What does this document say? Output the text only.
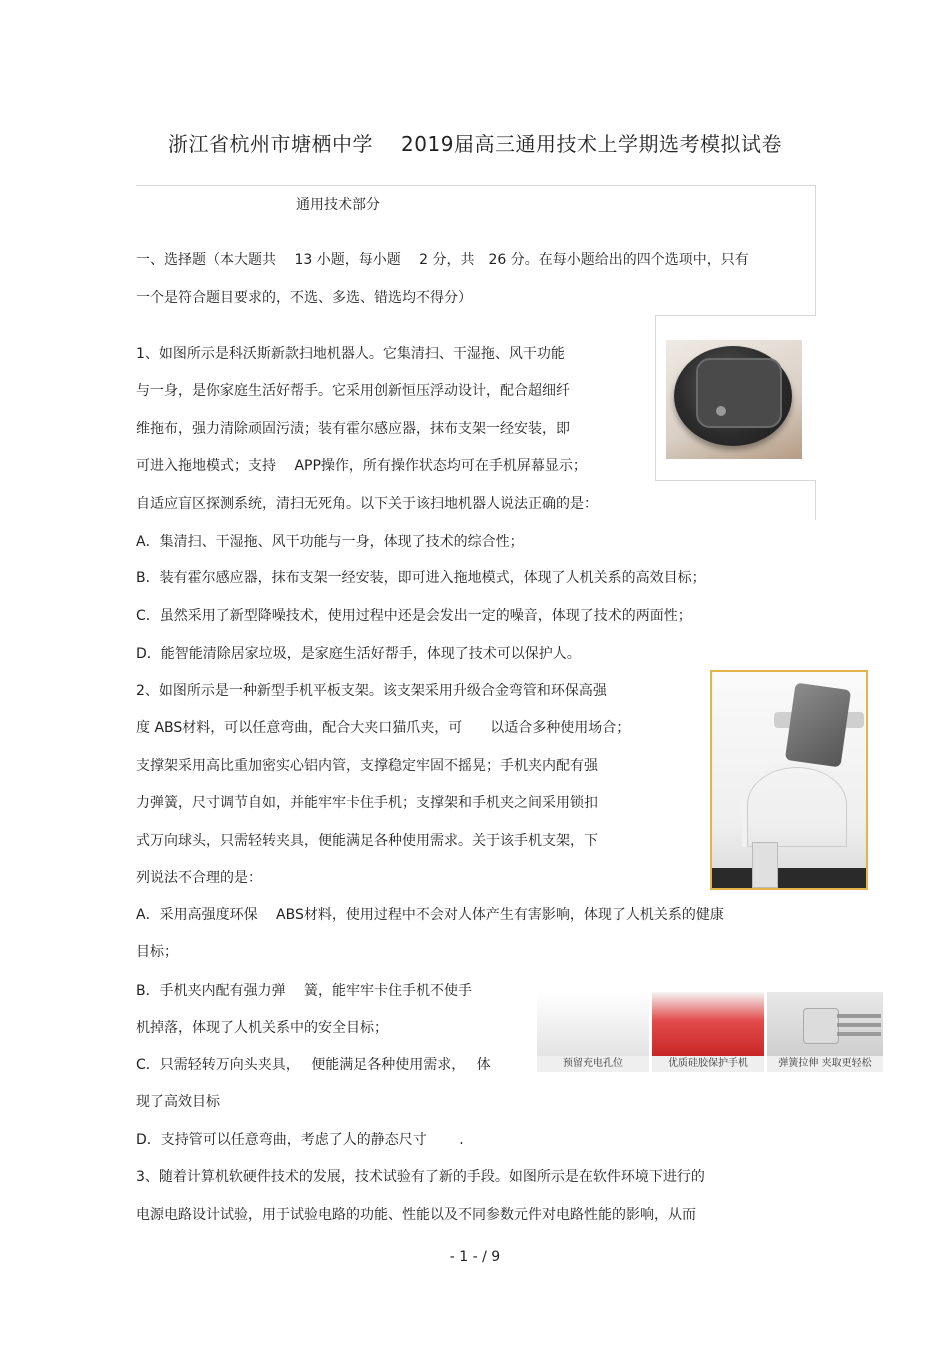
浙江省杭州市塘栖中学 2019届高三通用技术上学期选考模拟试卷
通用技术部分
一、选择题（本大题共　 13 小题，每小题　 2 分，共　26 分。在每小题给出的四个选项中，只有
一个是符合题目要求的，不选、多选、错选均不得分）
1、如图所示是科沃斯新款扫地机器人。它集清扫、干湿拖、风干功能
与一身，是你家庭生活好帮手。它采用创新恒压浮动设计，配合超细纤
维拖布，强力清除顽固污渍；装有霍尔感应器，抹布支架一经安装，即
可进入拖地模式；支持　 APP操作，所有操作状态均可在手机屏幕显示；
自适应盲区探测系统，清扫无死角。以下关于该扫地机器人说法正确的是：
A．集清扫、干湿拖、风干功能与一身，体现了技术的综合性；
B．装有霍尔感应器，抹布支架一经安装，即可进入拖地模式，体现了人机关系的高效目标；
C．虽然采用了新型降噪技术，使用过程中还是会发出一定的噪音，体现了技术的两面性；
D．能智能清除居家垃圾，是家庭生活好帮手，体现了技术可以保护人。
2、如图所示是一种新型手机平板支架。该支架采用升级合金弯管和环保高强
度 ABS材料，可以任意弯曲，配合大夹口猫爪夹，可　　以适合多种使用场合；
支撑架采用高比重加密实心铝内管，支撑稳定牢固不摇晃；手机夹内配有强
力弹簧，尺寸调节自如，并能牢牢卡住手机；支撑架和手机夹之间采用锁扣
式万向球头，只需轻转夹具，便能满足各种使用需求。关于该手机支架，下
列说法不合理的是：
A．采用高强度环保　 ABS材料，使用过程中不会对人体产生有害影响，体现了人机关系的健康
目标；
B．手机夹内配有强力弹　 簧，能牢牢卡住手机不使手
机掉落，体现了人机关系中的安全目标；
C．只需轻转万向头夹具，　 便能满足各种使用需求，　 体
现了高效目标
D．支持管可以任意弯曲，考虑了人的静态尺寸　　 .
3、随着计算机软硬件技术的发展，技术试验有了新的手段。如图所示是在软件环境下进行的
电源电路设计试验，用于试验电路的功能、性能以及不同参数元件对电路性能的影响，从而
预留充电孔位	优质硅胶保护手机	弹簧拉伸 夹取更轻松
- 1 - / 9
